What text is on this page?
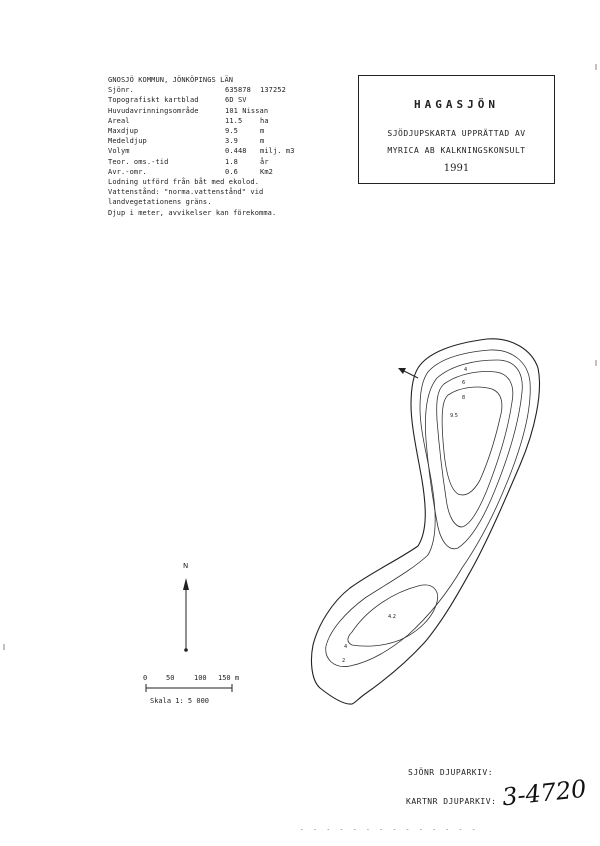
GNOSJÖ KOMMUN, JÖNKÖPINGS LÄN
Sjönr.	635878 137252
Topografiskt kartblad	6D SV
Huvudavrinningsområde	101 Nissan
Areal	11.5	ha
Maxdjup	9.5	m
Medeldjup	3.9	m
Volym	0.448 milj. m3
Teor. oms.-tid	1.8	år
Avr.-omr.	0.6	Km2
Lodning utförd från båt med ekolod.
Vattenstånd: "norma.vattenstånd" vid
landvegetationens gräns.
Djup i meter, avvikelser kan förekomma.
HAGASJÖN
SJÖDJUPSKARTA UPPRÄTTAD AV
MYRICA AB KALKNINGSKONSULT
1991
4
6
8
9.5
4.2
4
2
N
0	50	100 150 m
Skala 1: 5 000
SJÖNR DJUPARKIV:
KARTNR DJUPARKIV: 3-4720
- - - - - - - - - - - - - -
